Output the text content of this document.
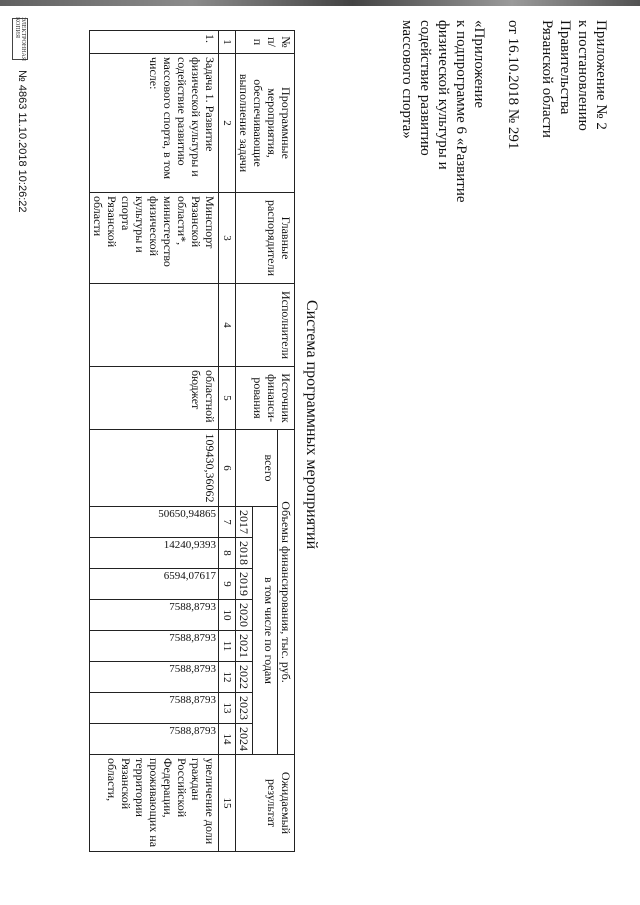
Приложение № 2

к постановлению Правительства

Рязанской области

от 16.10.2018 № 291

«Приложение

к подпрограмме 6 «Развитие

физической культуры и

содействие развитию

массового спорта»

Система программных мероприятий
№ п/п	Программные мероприятия, обеспечивающие выполнение задачи	Главные распорядители	Исполнители	Источник финанси-рования	Объемы финансирования, тыс. руб.									Ожидаемый результат
					всего	в том числе по годам								
						2017	2018	2019	2020	2021	2022	2023	2024	
1	2	3	4	5	6	7	8	9	10	11	12	13	14	15
1.	Задача 1. Развитие физической культуры и содействие развитию массового спорта, в том числе:	Минспорт Рязанской области*, министерство физической культуры и спорта Рязанской области		областной бюджет	109430,36062	50650,94865	14240,9393	6594,07617	7588,8793	7588,8793	7588,8793	7588,8793	7588,8793	увеличение доли граждан Российской Федерации, проживающих на территории Рязанской области,
ЭЛЕКТРОННАЯ КОПИЯ
№ 4863 11.10.2018 10:26:22
